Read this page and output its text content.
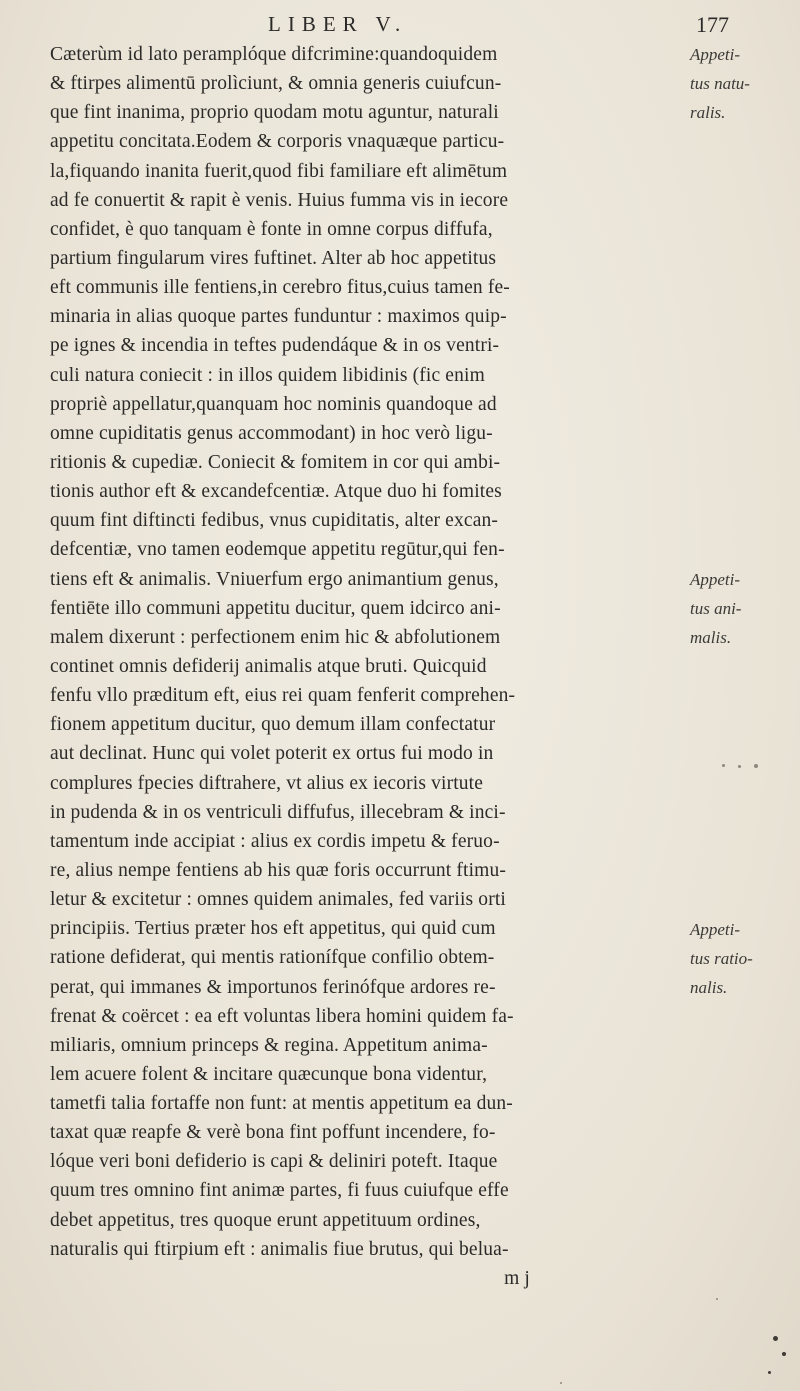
LIBER V.	177
Cæterùm id lato peramplóque difcrimine:quandoquidem
& ftirpes alimentū prolìciunt, & omnia generis cuiufcun-
que fint inanima, proprio quodam motu aguntur, naturali
appetitu concitata.Eodem & corporis vnaquæque particu-
la,fiquando inanita fuerit,quod fibi familiare eft alimētum
ad fe conuertit & rapit è venis. Huius fumma vis in iecore
confidet, è quo tanquam è fonte in omne corpus diffufa,
partium fingularum vires fuftinet. Alter ab hoc appetitus
eft communis ille fentiens,in cerebro fitus,cuius tamen fe-
minaria in alias quoque partes funduntur : maximos quip-
pe ignes & incendia in teftes pudendáque & in os ventri-
culi natura coniecit : in illos quidem libidinis (fic enim
propriè appellatur,quanquam hoc nominis quandoque ad
omne cupiditatis genus accommodant) in hoc verò ligu-
ritionis & cupediæ. Coniecit & fomitem in cor qui ambi-
tionis author eft & excandefcentiæ. Atque duo hi fomites
quum fint diftincti fedibus, vnus cupiditatis, alter excan-
defcentiæ, vno tamen eodemque appetitu regūtur,qui fen-
tiens eft & animalis. Vniuerfum ergo animantium genus,
fentiēte illo communi appetitu ducitur, quem idcirco ani-
malem dixerunt : perfectionem enim hic & abfolutionem
continet omnis defiderij animalis atque bruti. Quicquid
fenfu vllo præditum eft, eius rei quam fenferit comprehen-
fionem appetitum ducitur, quo demum illam confectatur
aut declinat. Hunc qui volet poterit ex ortus fui modo in
complures fpecies diftrahere, vt alius ex iecoris virtute
in pudenda & in os ventriculi diffufus, illecebram & inci-
tamentum inde accipiat : alius ex cordis impetu & feruo-
re, alius nempe fentiens ab his quæ foris occurrunt ftimu-
letur & excitetur : omnes quidem animales, fed variis orti
principiis. Tertius præter hos eft appetitus, qui quid cum
ratione defiderat, qui mentis rationífque confilio obtem-
perat, qui immanes & importunos ferinófque ardores re-
frenat & coërcet : ea eft voluntas libera homini quidem fa-
miliaris, omnium princeps & regina. Appetitum anima-
lem acuere folent & incitare quæcunque bona videntur,
tametfi talia fortaffe non funt: at mentis appetitum ea dun-
taxat quæ reapfe & verè bona fint poffunt incendere, fo-
lóque veri boni defiderio is capi & deliniri poteft. Itaque
quum tres omnino fint animæ partes, fi fuus cuiufque effe
debet appetitus, tres quoque erunt appetituum ordines,
naturalis qui ftirpium eft : animalis fiue brutus, qui belua-
m j
Appeti-
tus natu-
ralis.
Appeti-
tus ani-
malis.
Appeti-
tus ratio-
nalis.
